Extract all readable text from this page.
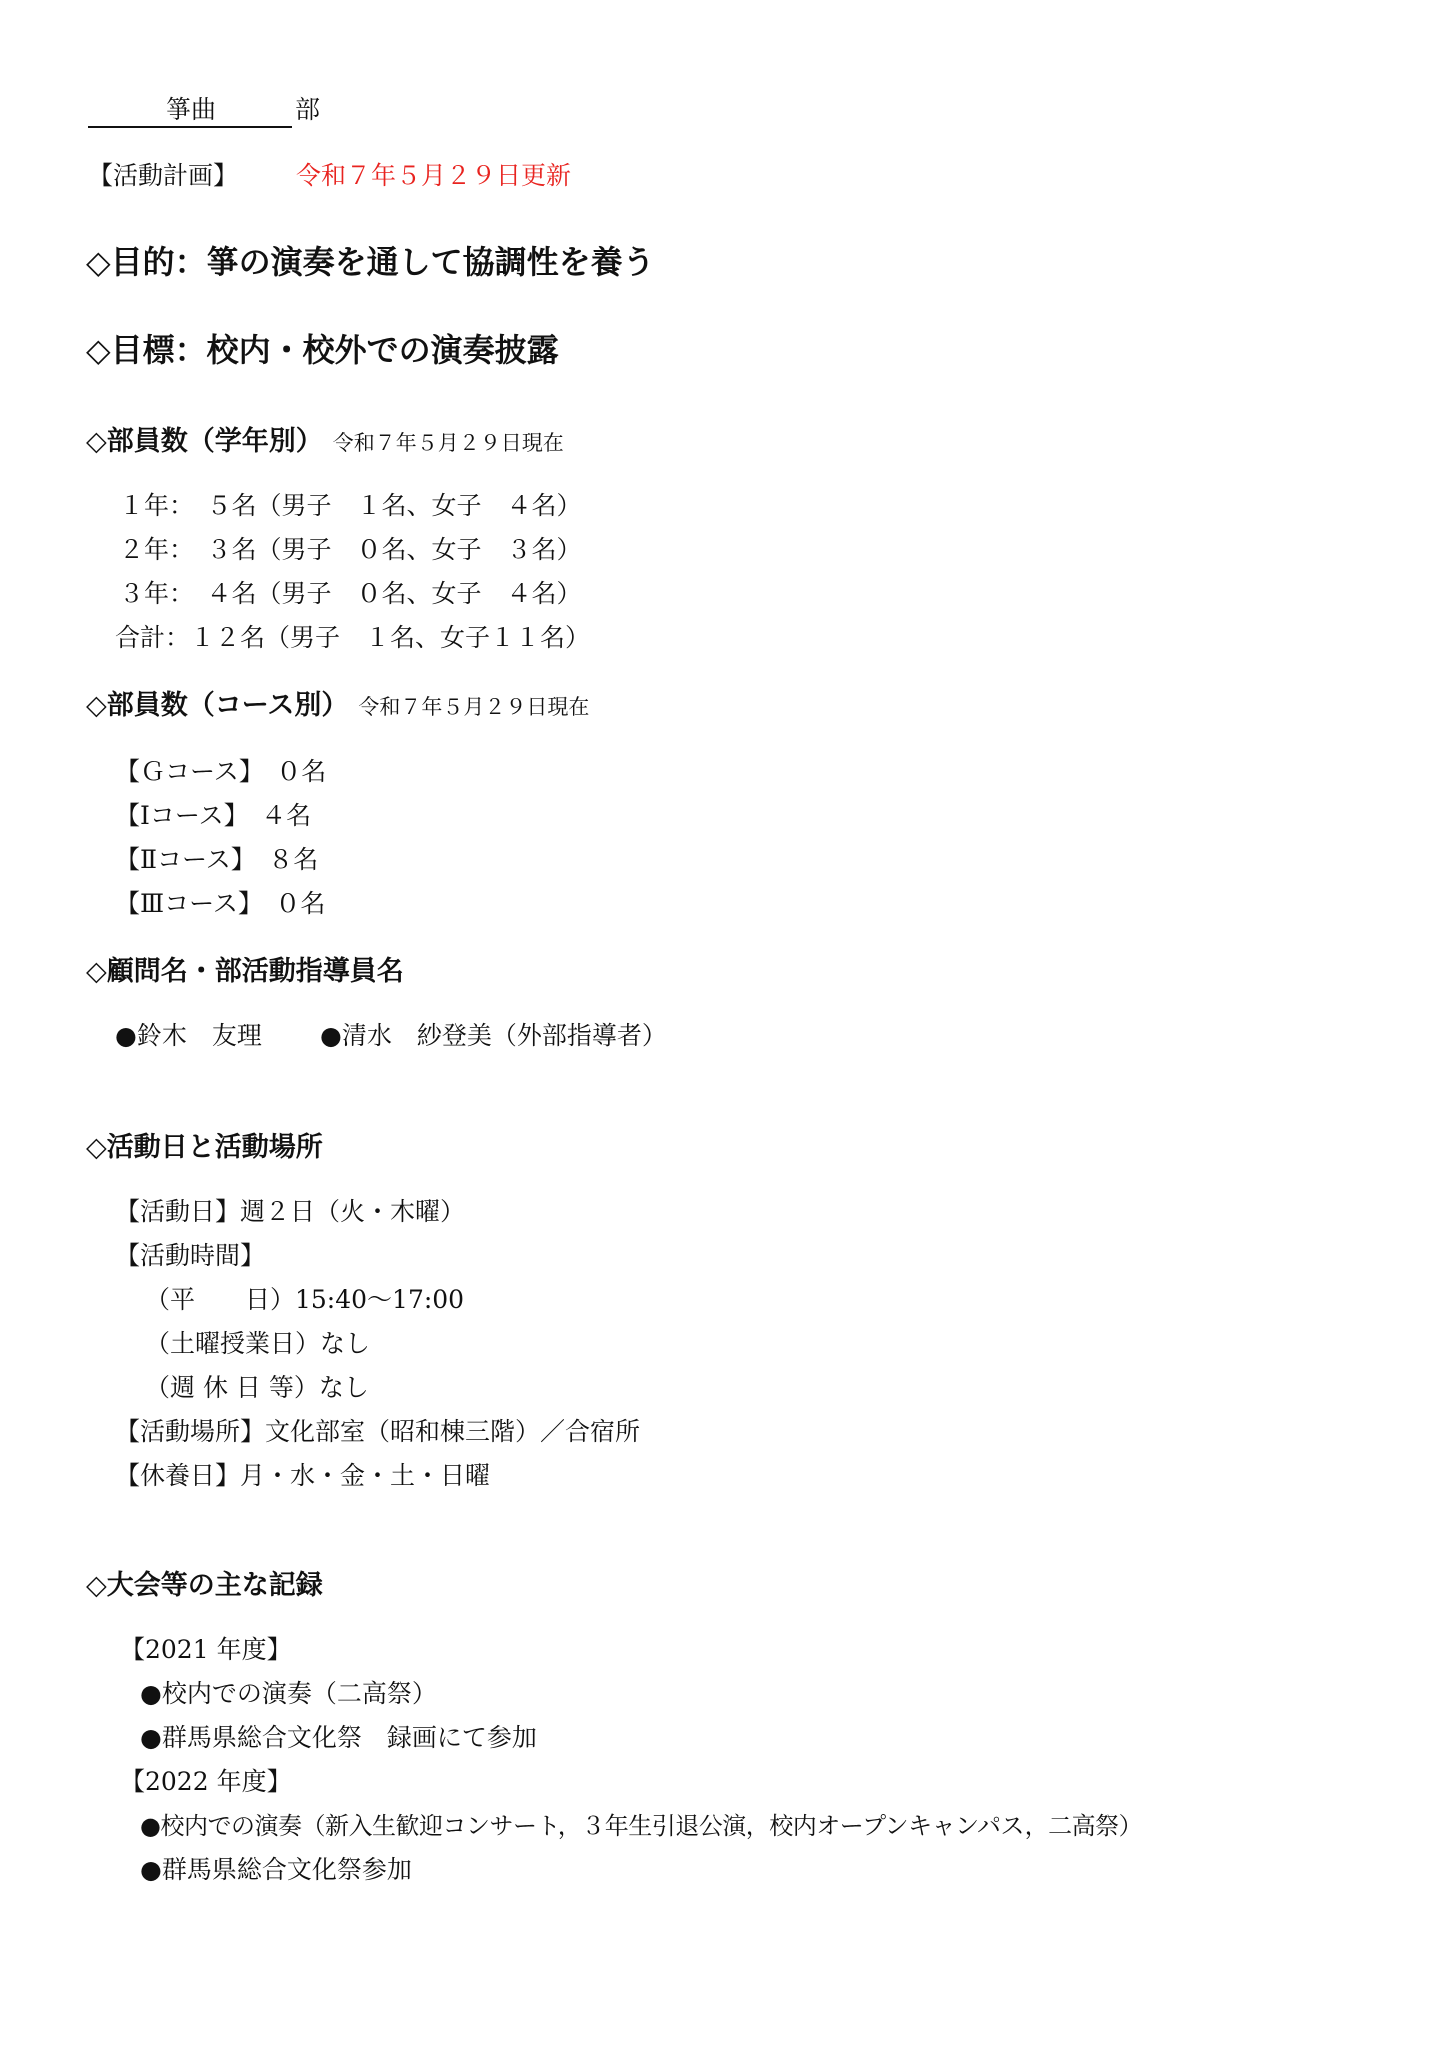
箏曲	部
【活動計画】 令和７年５月２９日更新
◇目的：箏の演奏を通して協調性を養う
◇目標：校内・校外での演奏披露
◇部員数（学年別） 令和７年５月２９日現在
１年：　５名（男子　１名、女子　４名）
２年：　３名（男子　０名、女子　３名）
３年：　４名（男子　０名、女子　４名）
合計：１２名（男子　１名、女子１１名）
◇部員数（コース別） 令和７年５月２９日現在
【Ｇコース】　０名
【Ⅰコース】　４名
【Ⅱコース】　８名
【Ⅲコース】　０名
◇顧問名・部活動指導員名
●鈴木　友理 ●清水　紗登美（外部指導者）
◇活動日と活動場所
【活動日】週２日（火・木曜）
【活動時間】
（平　　日）15:40〜17:00
（土曜授業日）なし
（週 休 日 等）なし
【活動場所】文化部室（昭和棟三階）／合宿所
【休養日】月・水・金・土・日曜
◇大会等の主な記録
【2021 年度】
●校内での演奏（二高祭）
●群馬県総合文化祭　録画にて参加
【2022 年度】
●校内での演奏（新入生歓迎コンサート，３年生引退公演，校内オープンキャンパス，二高祭）
●群馬県総合文化祭参加
